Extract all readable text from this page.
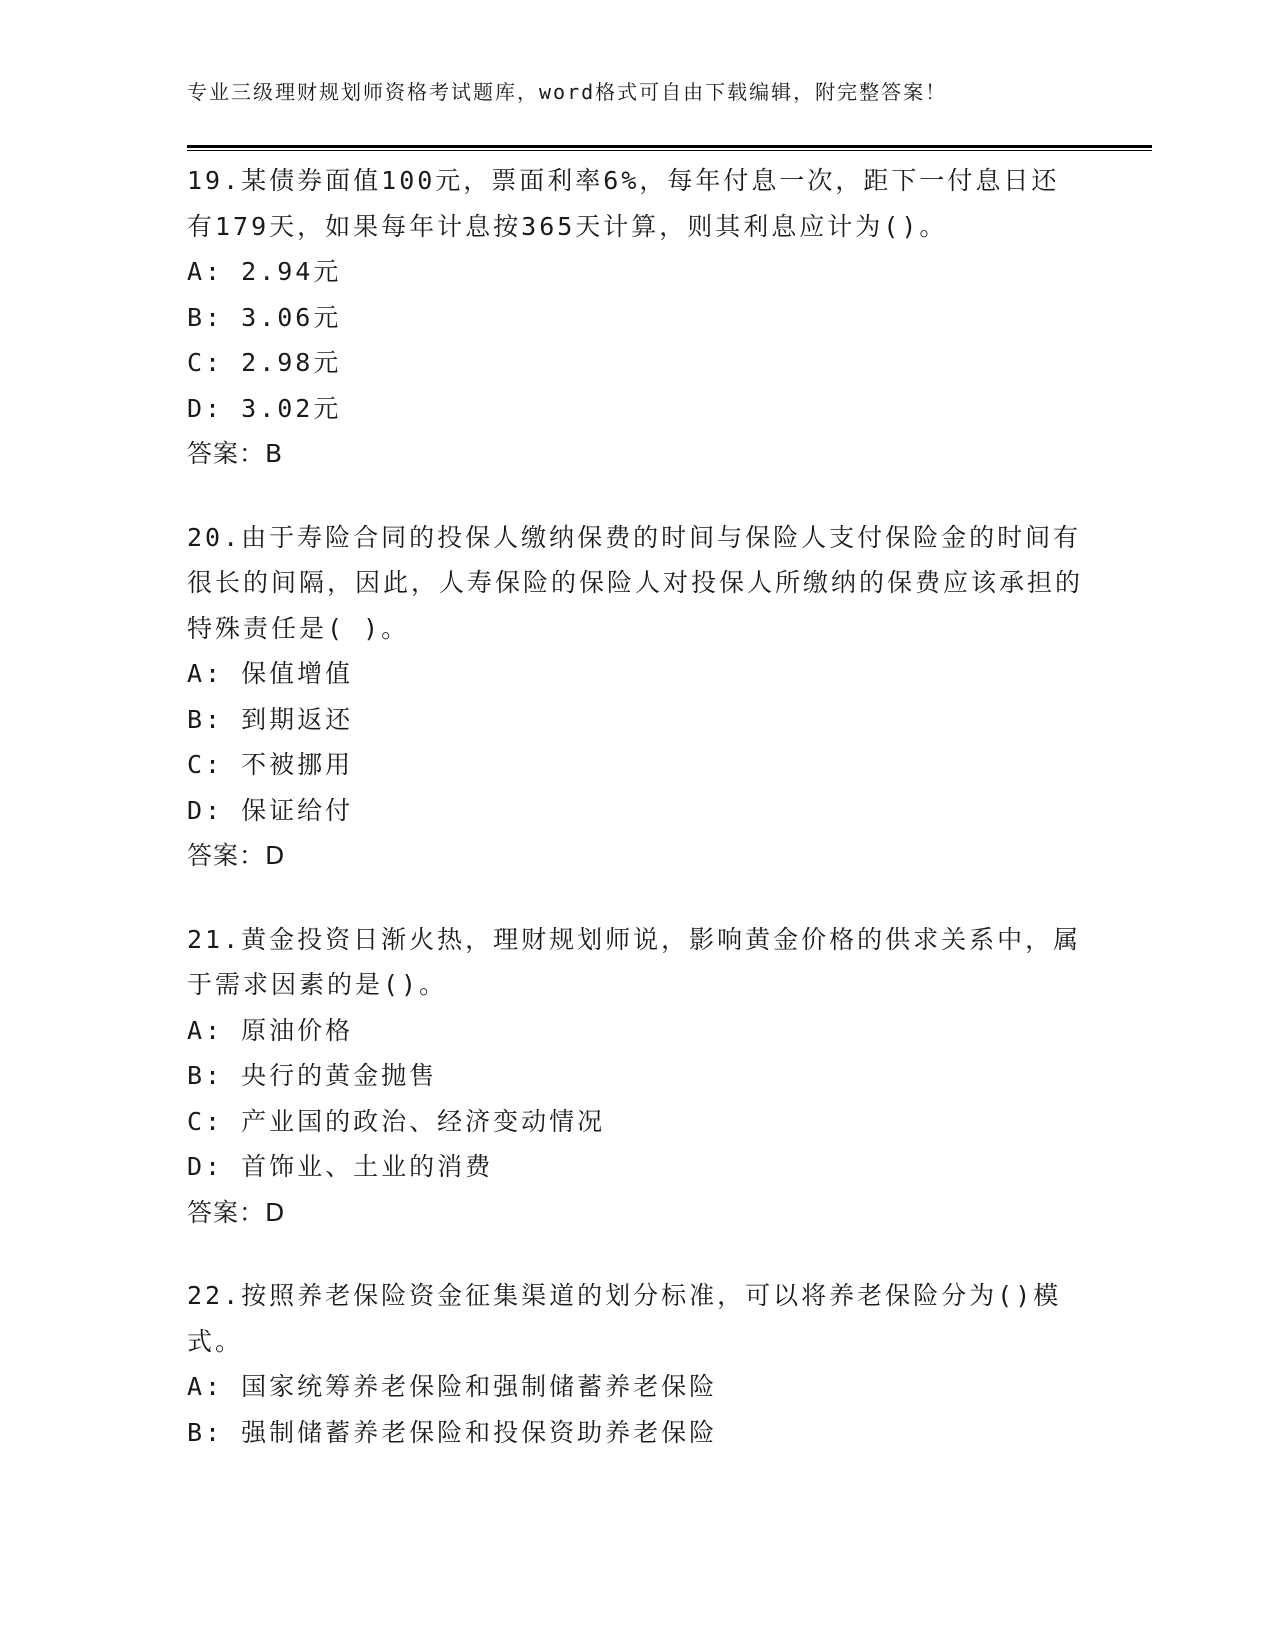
专业三级理财规划师资格考试题库，word格式可自由下载编辑，附完整答案！

19.某债券面值100元，票面利率6%，每年付息一次，距下一付息日还有179天，如果每年计息按365天计算，则其利息应计为()。

A: 2.94元
B: 3.06元
C: 2.98元
D: 3.02元
答案：B

20.由于寿险合同的投保人缴纳保费的时间与保险人支付保险金的时间有很长的间隔，因此，人寿保险的保险人对投保人所缴纳的保费应该承担的特殊责任是( )。

A: 保值增值
B: 到期返还
C: 不被挪用
D: 保证给付
答案：D

21.黄金投资日渐火热，理财规划师说，影响黄金价格的供求关系中，属于需求因素的是()。

A: 原油价格
B: 央行的黄金抛售
C: 产业国的政治、经济变动情况
D: 首饰业、土业的消费
答案：D

22.按照养老保险资金征集渠道的划分标准，可以将养老保险分为()模式。

A: 国家统筹养老保险和强制储蓄养老保险
B: 强制储蓄养老保险和投保资助养老保险
